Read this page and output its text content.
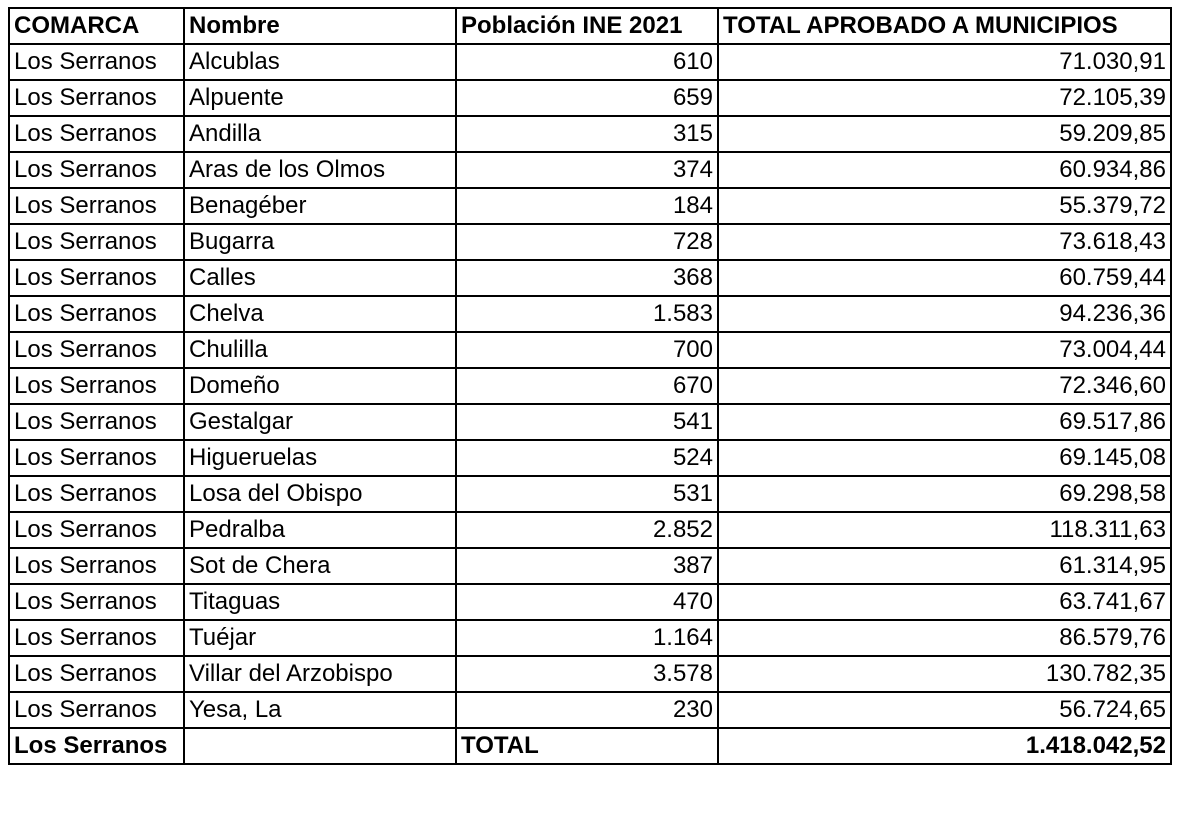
COMARCA	Nombre	Población INE 2021	TOTAL APROBADO A MUNICIPIOS
Los Serranos	Alcublas	610	71.030,91
Los Serranos	Alpuente	659	72.105,39
Los Serranos	Andilla	315	59.209,85
Los Serranos	Aras de los Olmos	374	60.934,86
Los Serranos	Benagéber	184	55.379,72
Los Serranos	Bugarra	728	73.618,43
Los Serranos	Calles	368	60.759,44
Los Serranos	Chelva	1.583	94.236,36
Los Serranos	Chulilla	700	73.004,44
Los Serranos	Domeño	670	72.346,60
Los Serranos	Gestalgar	541	69.517,86
Los Serranos	Higueruelas	524	69.145,08
Los Serranos	Losa del Obispo	531	69.298,58
Los Serranos	Pedralba	2.852	118.311,63
Los Serranos	Sot de Chera	387	61.314,95
Los Serranos	Titaguas	470	63.741,67
Los Serranos	Tuéjar	1.164	86.579,76
Los Serranos	Villar del Arzobispo	3.578	130.782,35
Los Serranos	Yesa, La	230	56.724,65
Los Serranos		TOTAL	1.418.042,52
